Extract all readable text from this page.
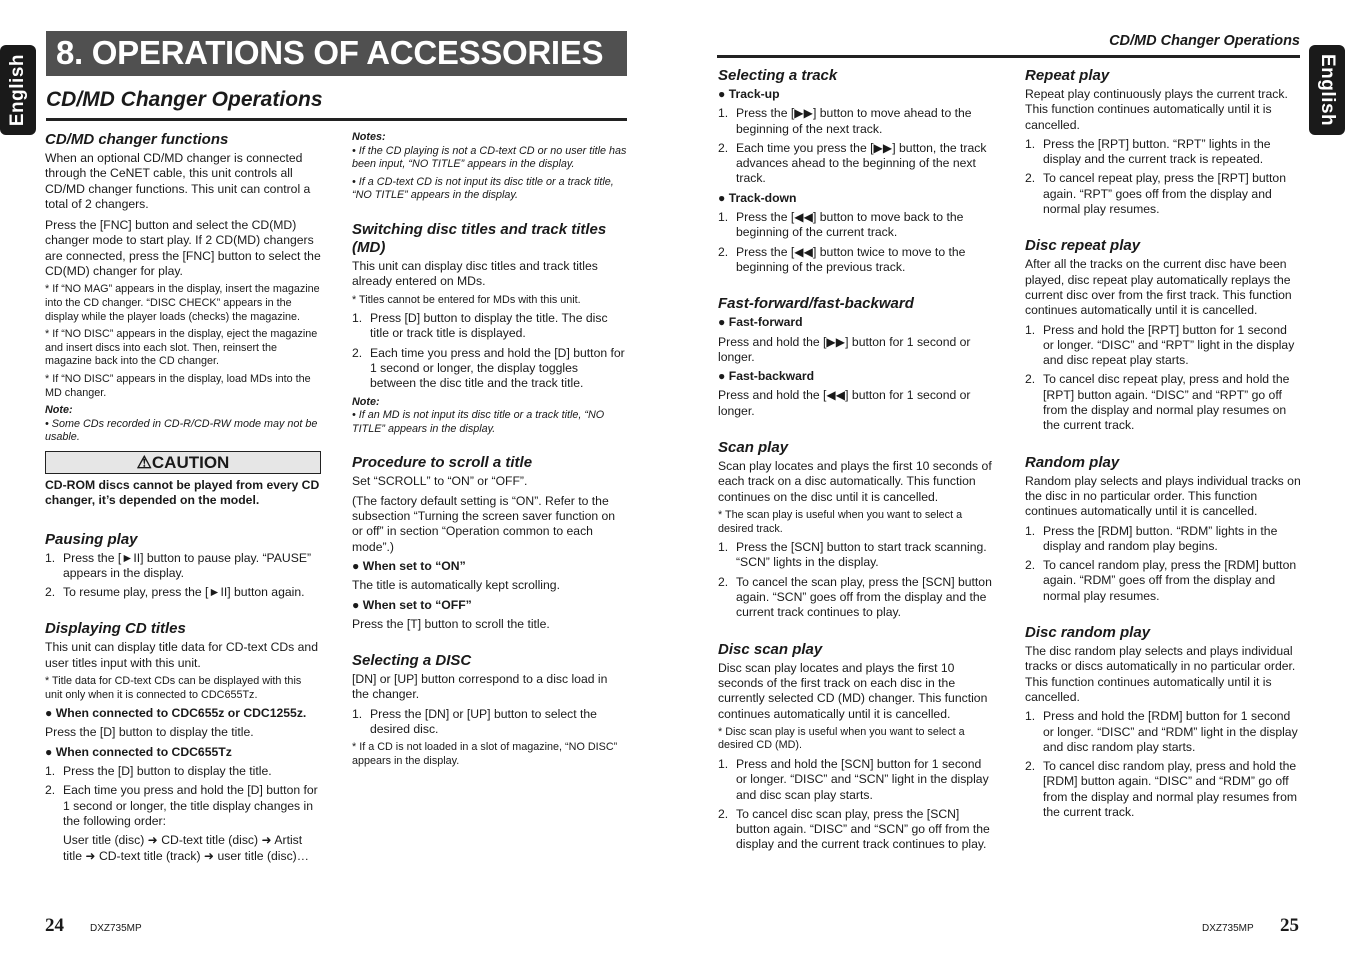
English	English
8. OPERATIONS OF ACCESSORIES
CD/MD Changer Operations
CD/MD Changer Operations
CD/MD changer functions

When an optional CD/MD changer is connected through the CeNET cable, this unit controls all CD/MD changer functions. This unit can control a total of 2 changers.

Press the [FNC] button and select the CD(MD) changer mode to start play. If 2 CD(MD) changers are connected, press the [FNC] button to select the CD(MD) changer for play.

* If “NO MAG” appears in the display, insert the magazine into the CD changer. “DISC CHECK” appears in the display while the player loads (checks) the magazine.

* If “NO DISC” appears in the display, eject the magazine and insert discs into each slot. Then, reinsert the magazine back into the CD changer.

* If “NO DISC” appears in the display, load MDs into the MD changer.

Note:

• Some CDs recorded in CD-R/CD-RW mode may not be usable.

⚠CAUTION

CD-ROM discs cannot be played from every CD changer, it’s depended on the model.

Pausing play
1. Press the [►II] button to pause play. “PAUSE” appears in the display.
2. To resume play, press the [►II] button again.
Displaying CD titles

This unit can display title data for CD-text CDs and user titles input with this unit.

* Title data for CD-text CDs can be displayed with this unit only when it is connected to CDC655Tz.

● When connected to CDC655z or CDC1255z.

Press the [D] button to display the title.

● When connected to CDC655Tz

1. Press the [D] button to display the title.
2. Each time you press and hold the [D] button for 1 second or longer, the title display changes in the following order:

User title (disc) ➜ CD-text title (disc) ➜ Artist title ➜ CD-text title (track) ➜ user title (disc)…

Notes:

• If the CD playing is not a CD-text CD or no user title has been input, “NO TITLE” appears in the display.

• If a CD-text CD is not input its disc title or a track title, “NO TITLE” appears in the display.

Switching disc titles and track titles (MD)

This unit can display disc titles and track titles already entered on MDs.

* Titles cannot be entered for MDs with this unit.

1. Press [D] button to display the title. The disc title or track title is displayed.
2. Each time you press and hold the [D] button for 1 second or longer, the display toggles between the disc title and the track title.

Note:

• If an MD is not input its disc title or a track title, “NO TITLE” appears in the display.

Procedure to scroll a title

Set “SCROLL” to “ON” or “OFF”.

(The factory default setting is “ON”. Refer to the subsection “Turning the screen saver function on or off” in section “Operation common to each mode”.)

● When set to “ON”

The title is automatically kept scrolling.

● When set to “OFF”

Press the [T] button to scroll the title.

Selecting a DISC

[DN] or [UP] button correspond to a disc load in the changer.

1. Press the [DN] or [UP] button to select the desired disc.

* If a CD is not loaded in a slot of magazine, “NO DISC” appears in the display.

Selecting a track

● Track-up

1. Press the [▶▶] button to move ahead to the beginning of the next track.
2. Each time you press the [▶▶] button, the track advances ahead to the beginning of the next track.

● Track-down

1. Press the [◀◀] button to move back to the beginning of the current track.
2. Press the [◀◀] button twice to move to the beginning of the previous track.
Fast-forward/fast-backward

● Fast-forward

Press and hold the [▶▶] button for 1 second or longer.

● Fast-backward

Press and hold the [◀◀] button for 1 second or longer.

Scan play

Scan play locates and plays the first 10 seconds of each track on a disc automatically. This function continues on the disc until it is cancelled.

* The scan play is useful when you want to select a desired track.

1. Press the [SCN] button to start track scanning. “SCN” lights in the display.
2. To cancel the scan play, press the [SCN] button again. “SCN” goes off from the display and the current track continues to play.
Disc scan play

Disc scan play locates and plays the first 10 seconds of the first track on each disc in the currently selected CD (MD) changer. This function continues automatically until it is cancelled.

* Disc scan play is useful when you want to select a desired CD (MD).

1. Press and hold the [SCN] button for 1 second or longer. “DISC” and “SCN” light in the display and disc scan play starts.
2. To cancel disc scan play, press the [SCN] button again. “DISC” and “SCN” go off from the display and the current track continues to play.
Repeat play

Repeat play continuously plays the current track. This function continues automatically until it is cancelled.

1. Press the [RPT] button. “RPT” lights in the display and the current track is repeated.
2. To cancel repeat play, press the [RPT] button again. “RPT” goes off from the display and normal play resumes.
Disc repeat play

After all the tracks on the current disc have been played, disc repeat play automatically replays the current disc over from the first track. This function continues automatically until it is cancelled.

1. Press and hold the [RPT] button for 1 second or longer. “DISC” and “RPT” light in the display and disc repeat play starts.
2. To cancel disc repeat play, press and hold the [RPT] button again. “DISC” and “RPT” go off from the display and normal play resumes on the current track.
Random play

Random play selects and plays individual tracks on the disc in no particular order. This function continues automatically until it is cancelled.

1. Press the [RDM] button. “RDM” lights in the display and random play begins.
2. To cancel random play, press the [RDM] button again. “RDM” goes off from the display and normal play resumes.
Disc random play

The disc random play selects and plays individual tracks or discs automatically in no particular order. This function continues automatically until it is cancelled.

1. Press and hold the [RDM] button for 1 second or longer. “DISC” and “RDM” light in the display and disc random play starts.
2. To cancel disc random play, press and hold the [RDM] button again. “DISC” and “RDM” go off from the display and normal play resumes from the current track.
24	DXZ735MP	DXZ735MP 25
